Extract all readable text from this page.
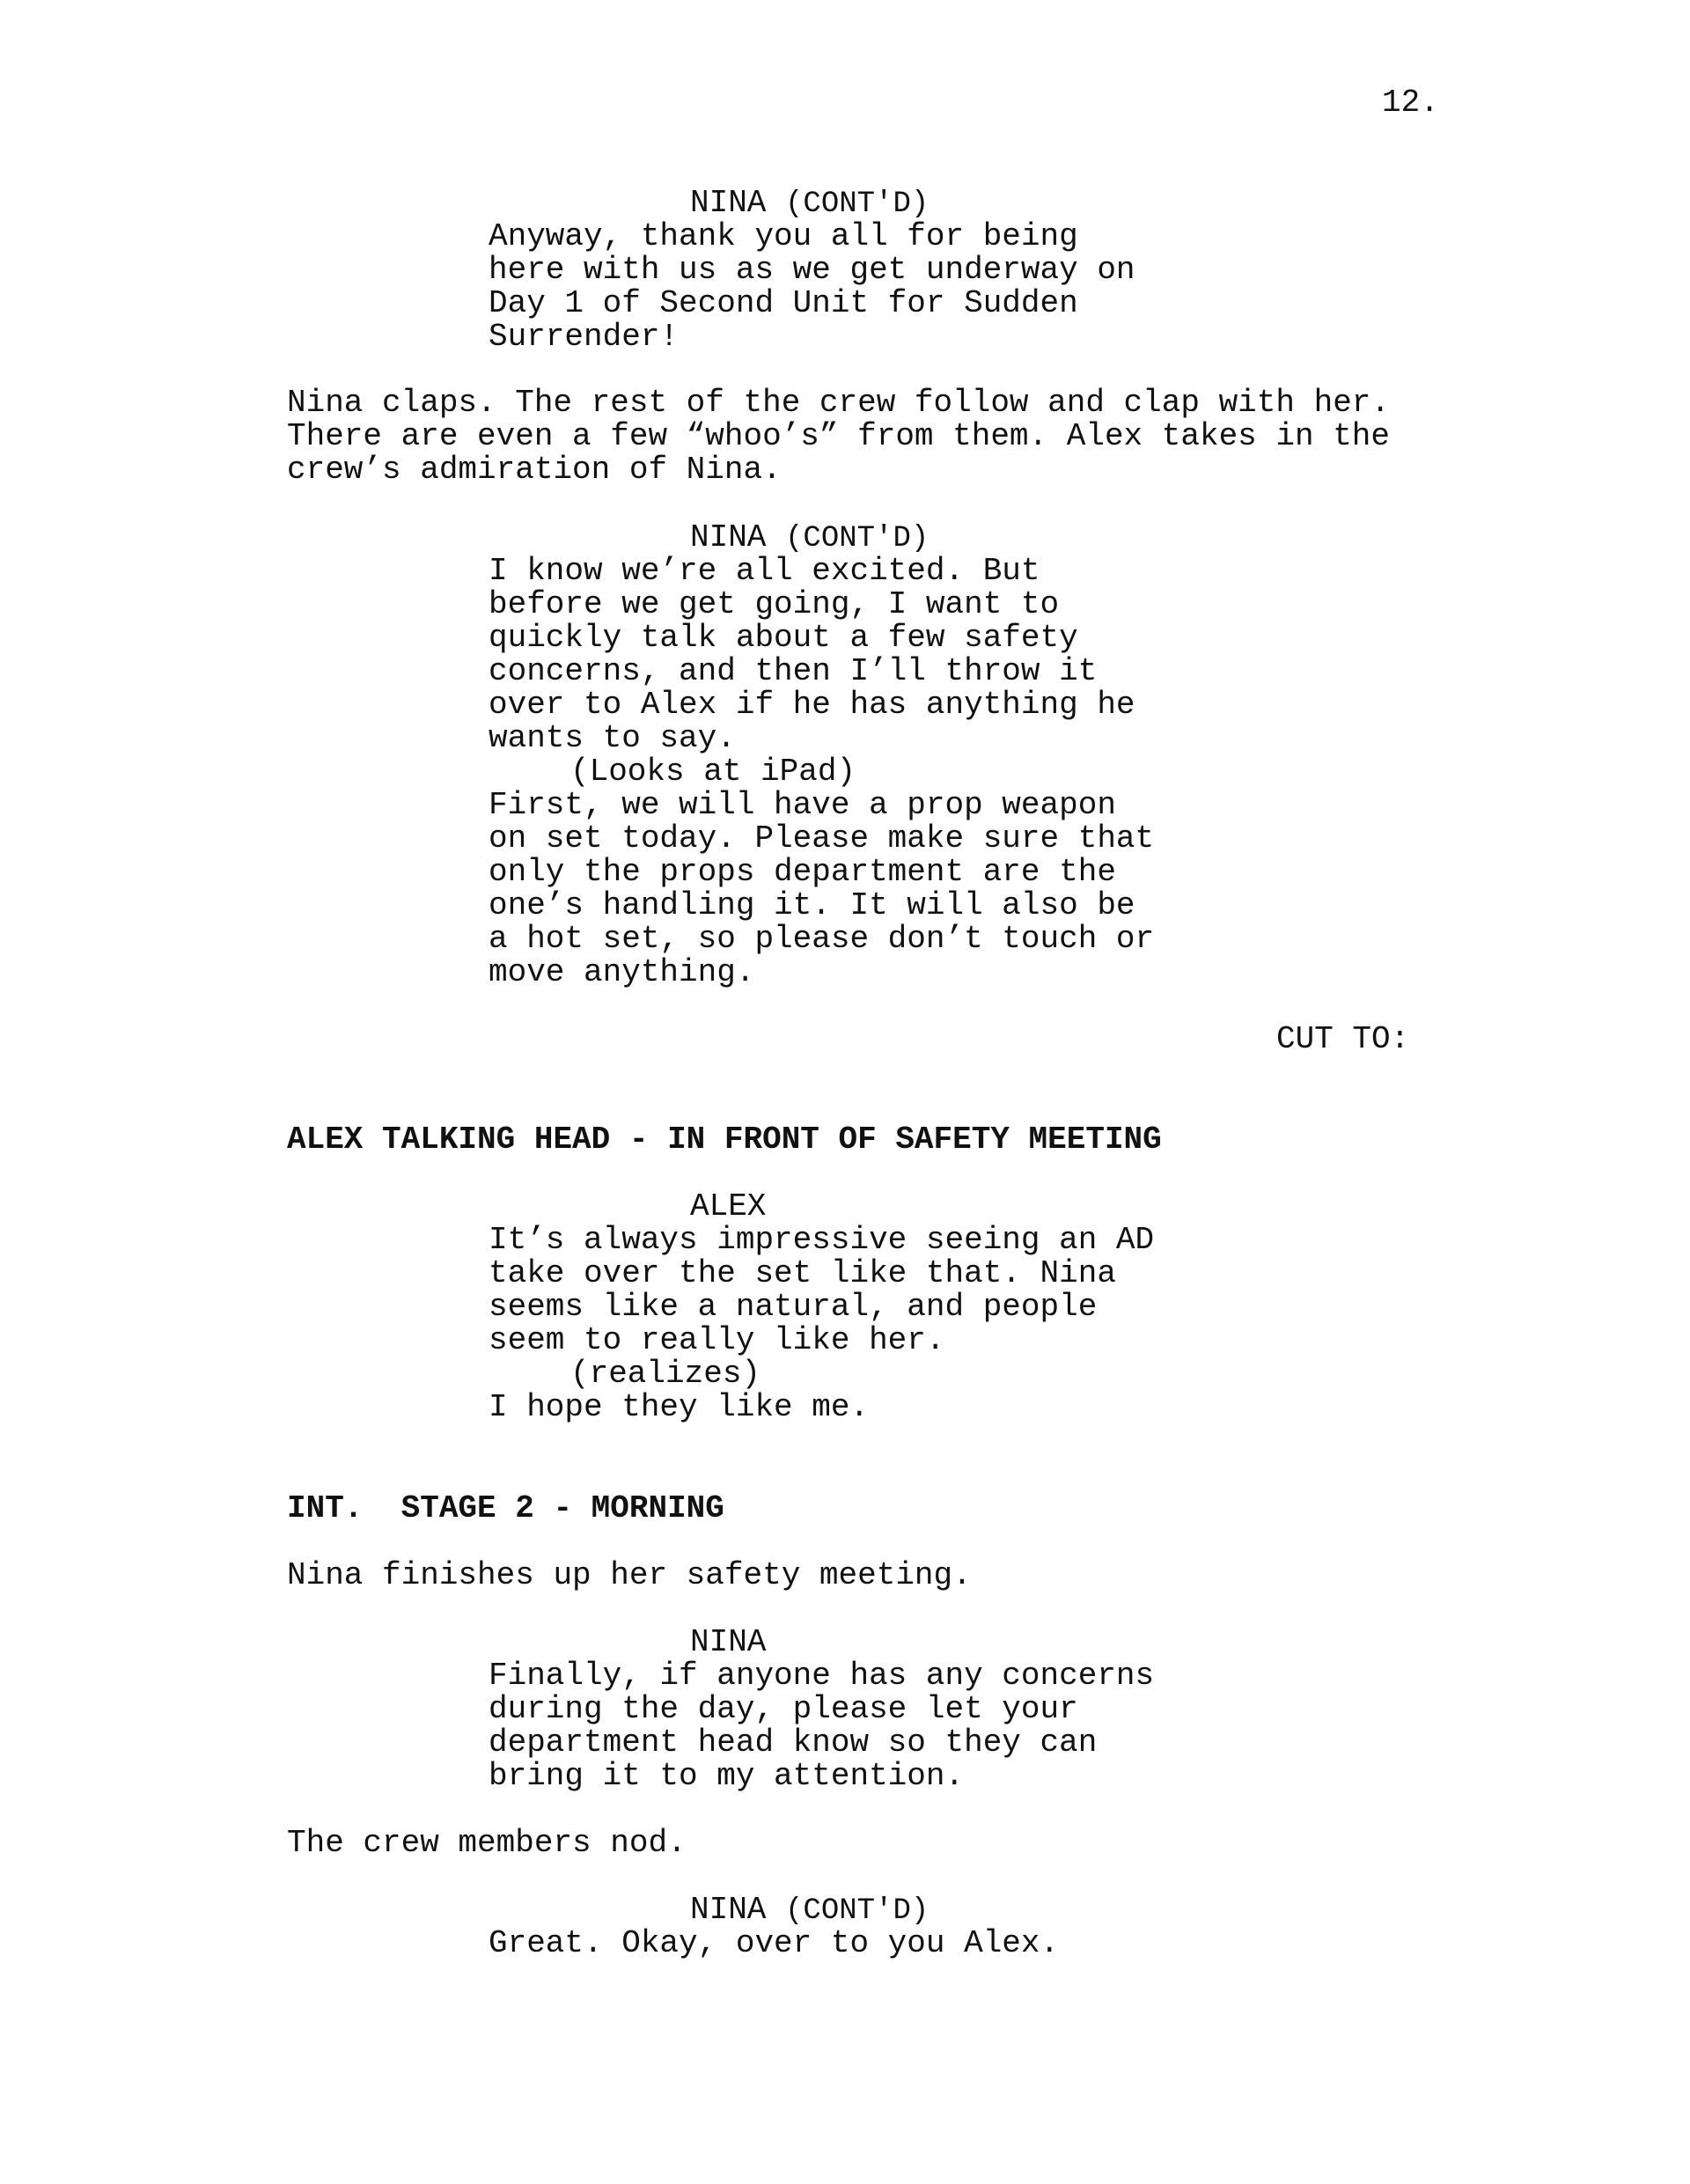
12.
NINA (CONT'D)
Anyway, thank you all for being
here with us as we get underway on
Day 1 of Second Unit for Sudden
Surrender!
Nina claps. The rest of the crew follow and clap with her.
There are even a few “whoo’s” from them. Alex takes in the
crew’s admiration of Nina.
NINA (CONT'D)
I know we’re all excited. But
before we get going, I want to
quickly talk about a few safety
concerns, and then I’ll throw it
over to Alex if he has anything he
wants to say.
(Looks at iPad)
First, we will have a prop weapon
on set today. Please make sure that
only the props department are the
one’s handling it. It will also be
a hot set, so please don’t touch or
move anything.
CUT TO:
ALEX TALKING HEAD - IN FRONT OF SAFETY MEETING
ALEX
It’s always impressive seeing an AD
take over the set like that. Nina
seems like a natural, and people
seem to really like her.
(realizes)
I hope they like me.
INT.  STAGE 2 - MORNING
Nina finishes up her safety meeting.
NINA
Finally, if anyone has any concerns
during the day, please let your
department head know so they can
bring it to my attention.
The crew members nod.
NINA (CONT'D)
Great. Okay, over to you Alex.
